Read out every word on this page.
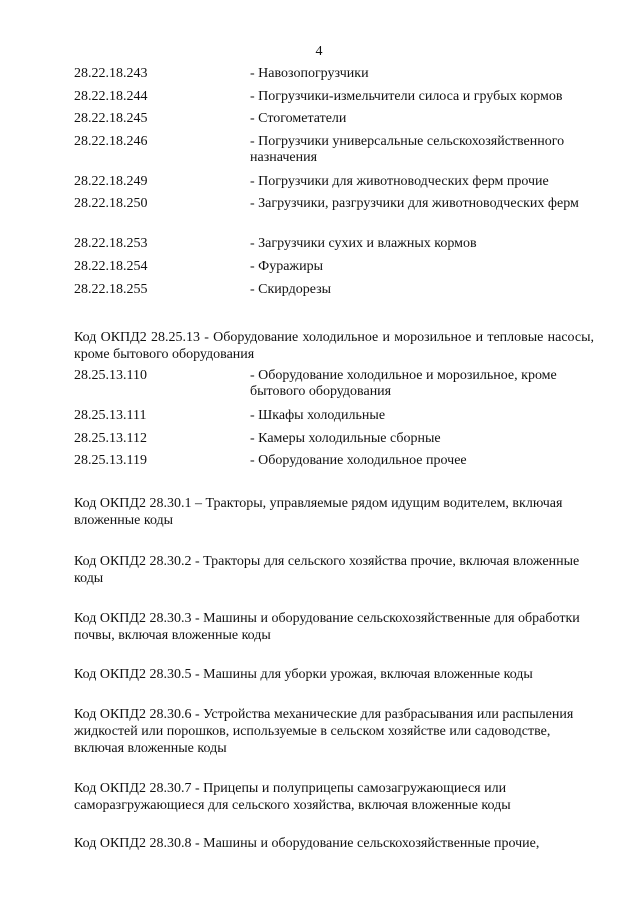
4
28.22.18.243	- Навозопогрузчики
28.22.18.244	- Погрузчики-измельчители силоса и грубых кормов
28.22.18.245	- Стогометатели
28.22.18.246	- Погрузчики универсальные сельскохозяйственного назначения
28.22.18.249	- Погрузчики для животноводческих ферм прочие
28.22.18.250	- Загрузчики, разгрузчики для животноводческих ферм
28.22.18.253	- Загрузчики сухих и влажных кормов
28.22.18.254	- Фуражиры
28.22.18.255	- Скирдорезы
Код ОКПД2 28.25.13 - Оборудование холодильное и морозильное и тепловые насосы, кроме бытового оборудования
28.25.13.110	- Оборудование холодильное и морозильное, кроме бытового оборудования
28.25.13.111	- Шкафы холодильные
28.25.13.112	- Камеры холодильные сборные
28.25.13.119	- Оборудование холодильное прочее
Код ОКПД2 28.30.1 – Тракторы, управляемые рядом идущим водителем, включая вложенные коды
Код ОКПД2 28.30.2 - Тракторы для сельского хозяйства прочие, включая вложенные коды
Код ОКПД2 28.30.3 - Машины и оборудование сельскохозяйственные для обработки почвы, включая вложенные коды
Код ОКПД2 28.30.5 - Машины для уборки урожая, включая вложенные коды
Код ОКПД2 28.30.6 - Устройства механические для разбрасывания или распыления жидкостей или порошков, используемые в сельском хозяйстве или садоводстве, включая вложенные коды
Код ОКПД2 28.30.7 - Прицепы и полуприцепы самозагружающиеся или саморазгружающиеся для сельского хозяйства, включая вложенные коды
Код ОКПД2 28.30.8 - Машины и оборудование сельскохозяйственные прочие,
